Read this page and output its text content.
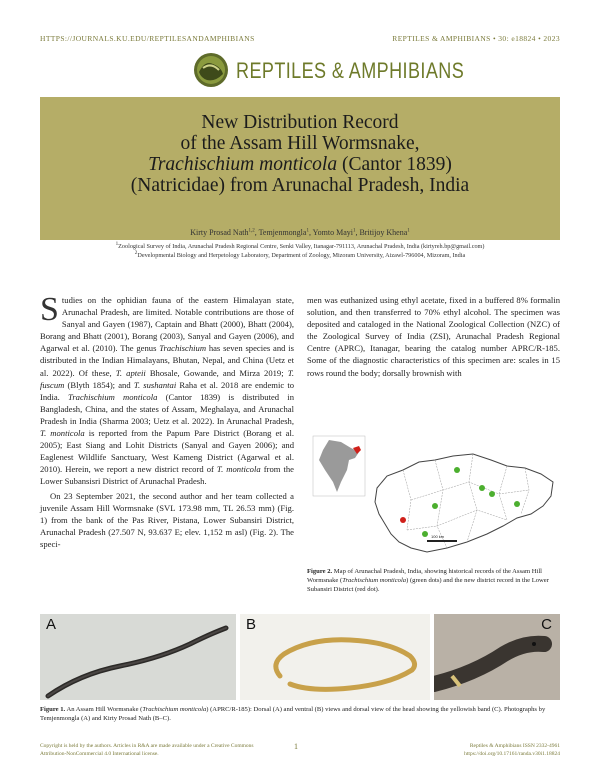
HTTPS://JOURNALS.KU.EDU/REPTILESANDAMPHIBIANS	REPTILES & AMPHIBIANS • 30: e18824 • 2023
REPTILES & AMPHIBIANS
New Distribution Record
of the Assam Hill Wormsnake,
Trachischium monticola (Cantor 1839)
(Natricidae) from Arunachal Pradesh, India
Kirty Prosad Nath$^{1,2}$, Temjenmongla$^1$, Yomto Mayi$^1$, Britijoy Khena$^1$
$^1$Zoological Survey of India, Arunachal Pradesh Regional Centre, Senki Valley, Itanagar-791113, Arunachal Pradesh, India (kirtyreh.bp@gmail.com)
$^2$Developmental Biology and Herpetology Laboratory, Department of Zoology, Mizoram University, Aizawl-796004, Mizoram, India

Studies on the ophidian fauna of the eastern Himalayan state, Arunachal Pradesh, are limited. Notable contributions are those of Sanyal and Gayen (1987), Captain and Bhatt (2000), Bhatt (2004), Borang and Bhatt (2001), Borang (2003), Sanyal and Gayen (2006), and Agarwal et al. (2010). The genus Trachischium has seven species and is distributed in the Indian Himalayans, Bhutan, Nepal, and China (Uetz et al. 2022). Of these, T. apteii Bhosale, Gowande, and Mirza 2019; T. fuscum (Blyth 1854); and T. sushantai Raha et al. 2018 are endemic to India. Trachischium monticola (Cantor 1839) is distributed in Bangladesh, China, and the states of Assam, Meghalaya, and Arunachal Pradesh in India (Sharma 2003; Uetz et al. 2022). In Arunachal Pradesh, T. monticola is reported from the Papum Pare District (Borang et al. 2005); East Siang and Lohit Districts (Sanyal and Gayen 2006); and Eaglenest Wildlife Sanctuary, West Kameng District (Agarwal et al. 2010). Herein, we report a new district record of T. monticola from the Lower Subansisri District of Arunachal Pradesh.

On 23 September 2021, the second author and her team collected a juvenile Assam Hill Wormsnake (SVL 173.98 mm, TL 26.53 mm) (Fig. 1) from the bank of the Pas River, Pistana, Lower Subansiri District, Arunachal Pradesh (27.507 N, 93.637 E; elev. 1,152 m asl) (Fig. 2). The speci-

men was euthanized using ethyl acetate, fixed in a buffered 8% formalin solution, and then transferred to 70% ethyl alcohol. The specimen was deposited and cataloged in the National Zoological Collection (NZC) of the Zoological Survey of India (ZSI), Arunachal Pradesh Regional Centre (APRC), Itanagar, bearing the catalog number APRC/R-185. Some of the diagnostic characteristics of this specimen are: scales in 15 rows round the body; dorsally brownish with

100 km
Figure 2. Map of Arunachal Pradesh, India, showing historical records of the Assam Hill Wormsnake (Trachischium monticola) (green dots) and the new district record in the Lower Subansiri District (red dot).
A	B	C
Figure 1. An Assam Hill Wormsnake (Trachischium monticola) (APRC/R-185): Dorsal (A) and ventral (B) views and dorsal view of the head showing the yellowish band (C). Photographs by Temjenmongla (A) and Kirty Prosad Nath (B–C).
Copyright is held by the authors. Articles in R&A are made available under a Creative Commons Attribution-NonCommercial 4.0 International license.
1	Reptiles & Amphibians ISSN 2332-4961
https://doi.org/10.17161/randa.v30i1.18824
